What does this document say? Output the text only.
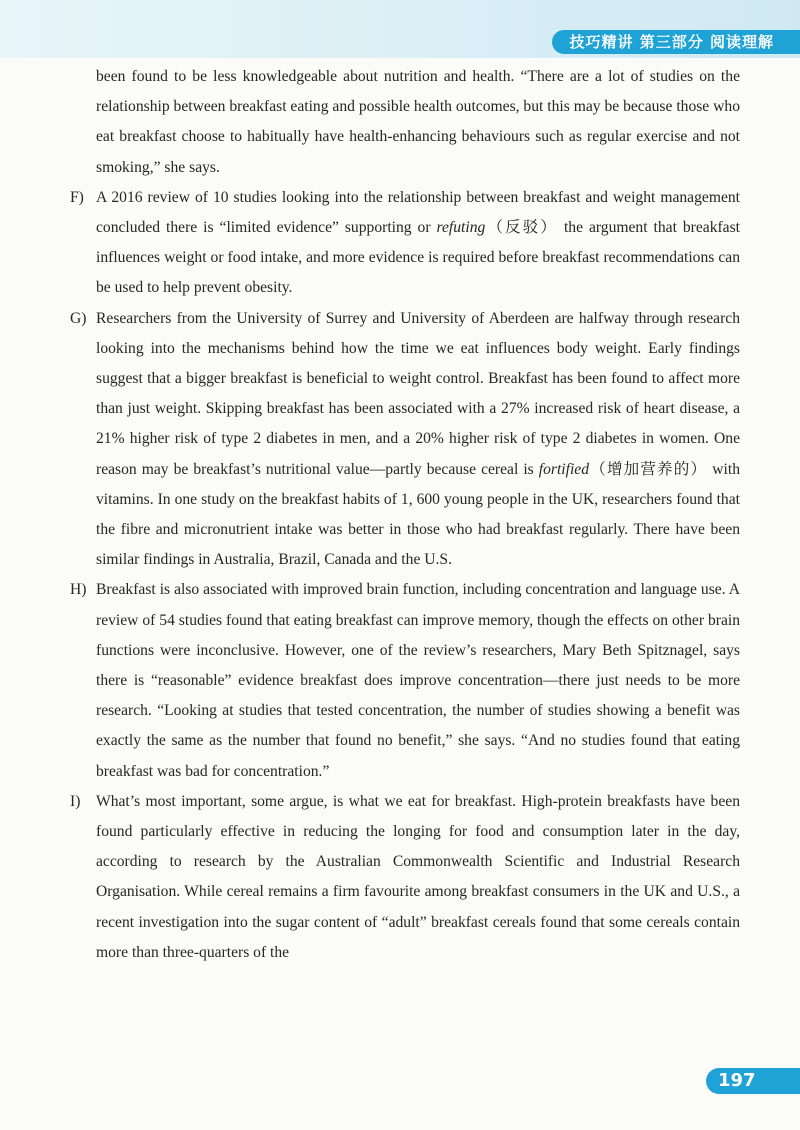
技巧精讲 第三部分 阅读理解

been found to be less knowledgeable about nutrition and health. “There are a lot of studies on the relationship between breakfast eating and possible health outcomes, but this may be because those who eat breakfast choose to habitually have health-enhancing behaviours such as regular exercise and not smoking,” she says.

F) A 2016 review of 10 studies looking into the relationship between breakfast and weight management concluded there is “limited evidence” supporting or refuting（反驳） the argument that breakfast influences weight or food intake, and more evidence is required before breakfast recommendations can be used to help prevent obesity.

G) Researchers from the University of Surrey and University of Aberdeen are halfway through research looking into the mechanisms behind how the time we eat influences body weight. Early findings suggest that a bigger breakfast is beneficial to weight control. Breakfast has been found to affect more than just weight. Skipping breakfast has been associated with a 27% increased risk of heart disease, a 21% higher risk of type 2 diabetes in men, and a 20% higher risk of type 2 diabetes in women. One reason may be breakfast’s nutritional value—partly because cereal is fortified（增加营养的） with vitamins. In one study on the breakfast habits of 1, 600 young people in the UK, researchers found that the fibre and micronutrient intake was better in those who had breakfast regularly. There have been similar findings in Australia, Brazil, Canada and the U.S.

H) Breakfast is also associated with improved brain function, including concentration and language use. A review of 54 studies found that eating breakfast can improve memory, though the effects on other brain functions were inconclusive. However, one of the review’s researchers, Mary Beth Spitznagel, says there is “reasonable” evidence breakfast does improve concentration—there just needs to be more research. “Looking at studies that tested concentration, the number of studies showing a benefit was exactly the same as the number that found no benefit,” she says. “And no studies found that eating breakfast was bad for concentration.”

I) What’s most important, some argue, is what we eat for breakfast. High-protein breakfasts have been found particularly effective in reducing the longing for food and consumption later in the day, according to research by the Australian Commonwealth Scientific and Industrial Research Organisation. While cereal remains a firm favourite among breakfast consumers in the UK and U.S., a recent investigation into the sugar content of “adult” breakfast cereals found that some cereals contain more than three-quarters of the

197
